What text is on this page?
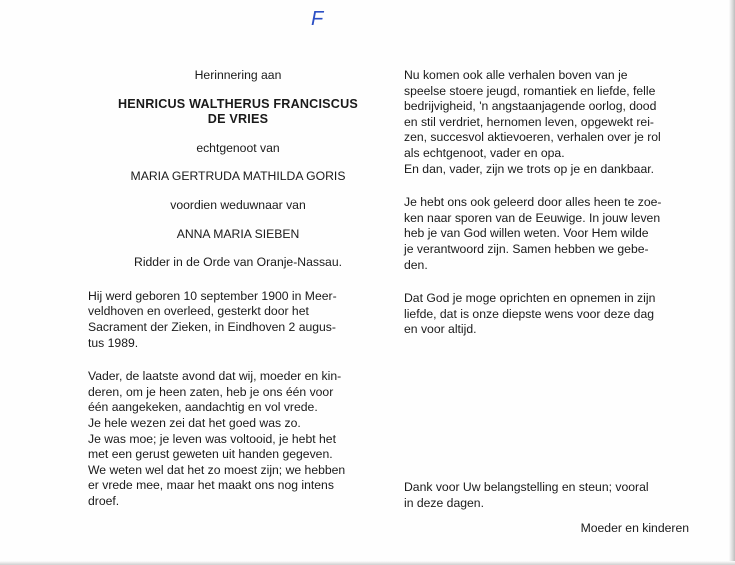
F

Herinnering aan

HENRICUS WALTHERUS FRANCISCUS

DE VRIES

echtgenoot van

MARIA GERTRUDA MATHILDA GORIS

voordien weduwnaar van

ANNA MARIA SIEBEN

Ridder in de Orde van Oranje-Nassau.

Hij werd geboren 10 september 1900 in Meer-
veldhoven en overleed, gesterkt door het
Sacrament der Zieken, in Eindhoven 2 augus-
tus 1989.
Vader, de laatste avond dat wij, moeder en kin-
deren, om je heen zaten, heb je ons één voor
één aangekeken, aandachtig en vol vrede.
Je hele wezen zei dat het goed was zo.
Je was moe; je leven was voltooid, je hebt het
met een gerust geweten uit handen gegeven.
We weten wel dat het zo moest zijn; we hebben
er vrede mee, maar het maakt ons nog intens
droef.
Nu komen ook alle verhalen boven van je
speelse stoere jeugd, romantiek en liefde, felle
bedrijvigheid, 'n angstaanjagende oorlog, dood
en stil verdriet, hernomen leven, opgewekt rei-
zen, succesvol aktievoeren, verhalen over je rol
als echtgenoot, vader en opa.
En dan, vader, zijn we trots op je en dankbaar.
Je hebt ons ook geleerd door alles heen te zoe-
ken naar sporen van de Eeuwige. In jouw leven
heb je van God willen weten. Voor Hem wilde
je verantwoord zijn. Samen hebben we gebe-
den.
Dat God je moge oprichten en opnemen in zijn
liefde, dat is onze diepste wens voor deze dag
en voor altijd.
Dank voor Uw belangstelling en steun; vooral
in deze dagen.

Moeder en kinderen
